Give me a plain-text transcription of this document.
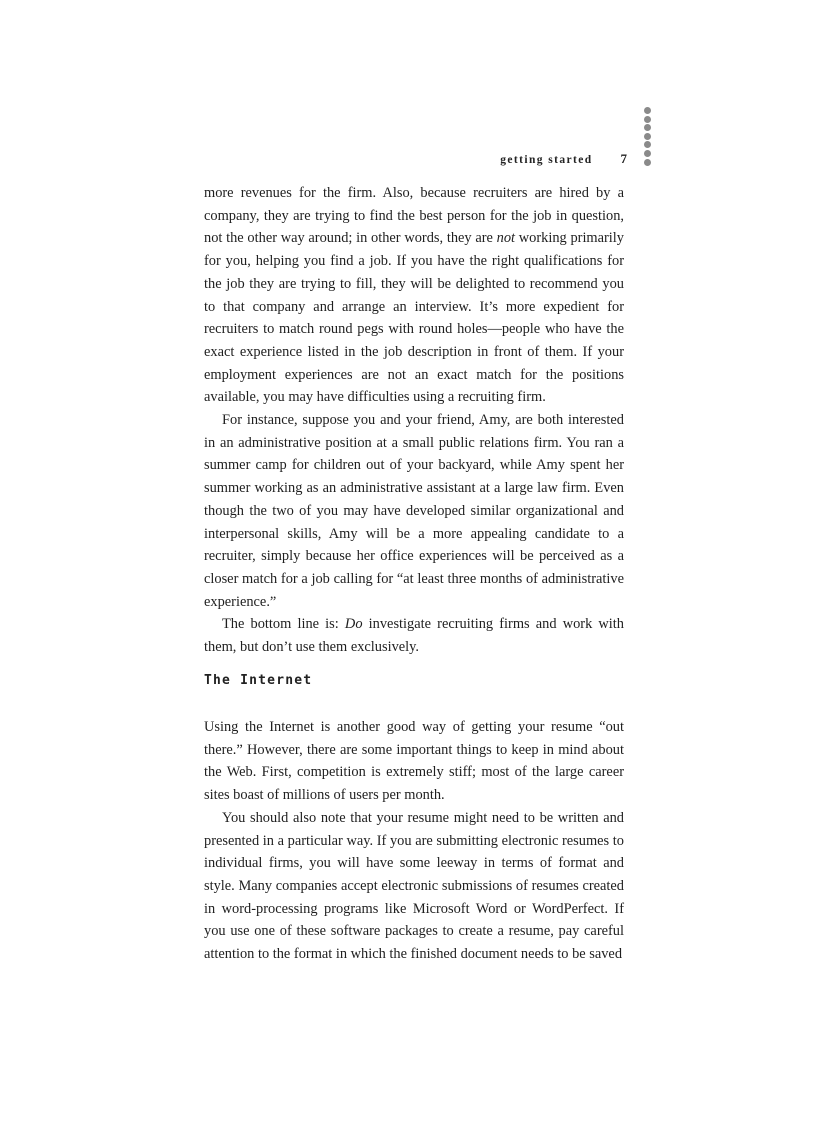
getting started 7

more revenues for the firm. Also, because recruiters are hired by a company, they are trying to find the best person for the job in question, not the other way around; in other words, they are not working primarily for you, helping you find a job. If you have the right qualifications for the job they are trying to fill, they will be delighted to recommend you to that company and arrange an interview. It’s more expedient for recruiters to match round pegs with round holes—people who have the exact experience listed in the job description in front of them. If your employment experiences are not an exact match for the positions available, you may have difficulties using a recruiting firm.

For instance, suppose you and your friend, Amy, are both interested in an administrative position at a small public relations firm. You ran a summer camp for children out of your backyard, while Amy spent her summer working as an administrative assistant at a large law firm. Even though the two of you may have developed similar organizational and interpersonal skills, Amy will be a more appealing candidate to a recruiter, simply because her office experiences will be perceived as a closer match for a job calling for “at least three months of administrative experience.”

The bottom line is: Do investigate recruiting firms and work with them, but don’t use them exclusively.

The Internet

Using the Internet is another good way of getting your resume “out there.” However, there are some important things to keep in mind about the Web. First, competition is extremely stiff; most of the large career sites boast of millions of users per month.

You should also note that your resume might need to be written and presented in a particular way. If you are submitting electronic resumes to individual firms, you will have some leeway in terms of format and style. Many companies accept electronic submissions of resumes created in word-processing programs like Microsoft Word or WordPerfect. If you use one of these software packages to create a resume, pay careful attention to the format in which the finished document needs to be saved
